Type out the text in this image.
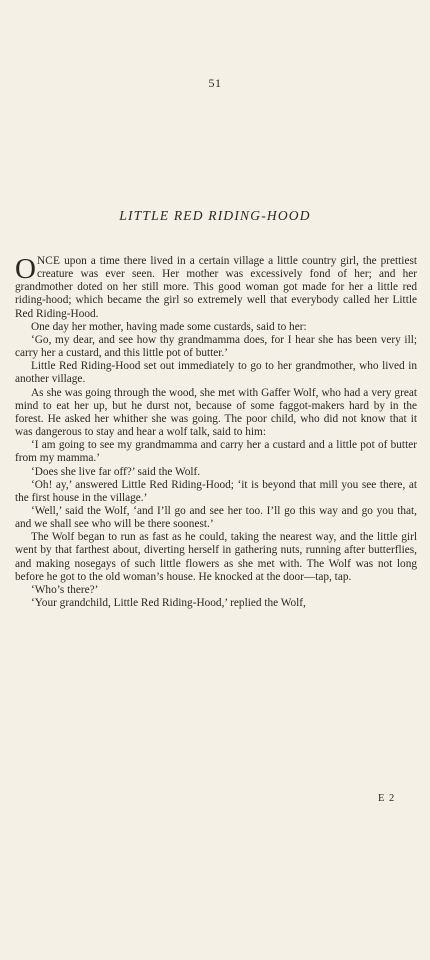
51
LITTLE RED RIDING-HOOD

ONCE upon a time there lived in a certain village a little country girl, the prettiest creature was ever seen. Her mother was excessively fond of her; and her grandmother doted on her still more. This good woman got made for her a little red riding-hood; which became the girl so extremely well that everybody called her Little Red Riding-Hood.

One day her mother, having made some custards, said to her:

‘Go, my dear, and see how thy grandmamma does, for I hear she has been very ill; carry her a custard, and this little pot of butter.’

Little Red Riding-Hood set out immediately to go to her grandmother, who lived in another village.

As she was going through the wood, she met with Gaffer Wolf, who had a very great mind to eat her up, but he durst not, because of some faggot-makers hard by in the forest. He asked her whither she was going. The poor child, who did not know that it was dangerous to stay and hear a wolf talk, said to him:

‘I am going to see my grandmamma and carry her a custard and a little pot of butter from my mamma.’

‘Does she live far off?’ said the Wolf.

‘Oh! ay,’ answered Little Red Riding-Hood; ‘it is beyond that mill you see there, at the first house in the village.’

‘Well,’ said the Wolf, ‘and I’ll go and see her too. I’ll go this way and go you that, and we shall see who will be there soonest.’

The Wolf began to run as fast as he could, taking the nearest way, and the little girl went by that farthest about, diverting herself in gathering nuts, running after butterflies, and making nosegays of such little flowers as she met with. The Wolf was not long before he got to the old woman’s house. He knocked at the door—tap, tap.

‘Who’s there?’

‘Your grandchild, Little Red Riding-Hood,’ replied the Wolf,

E 2
